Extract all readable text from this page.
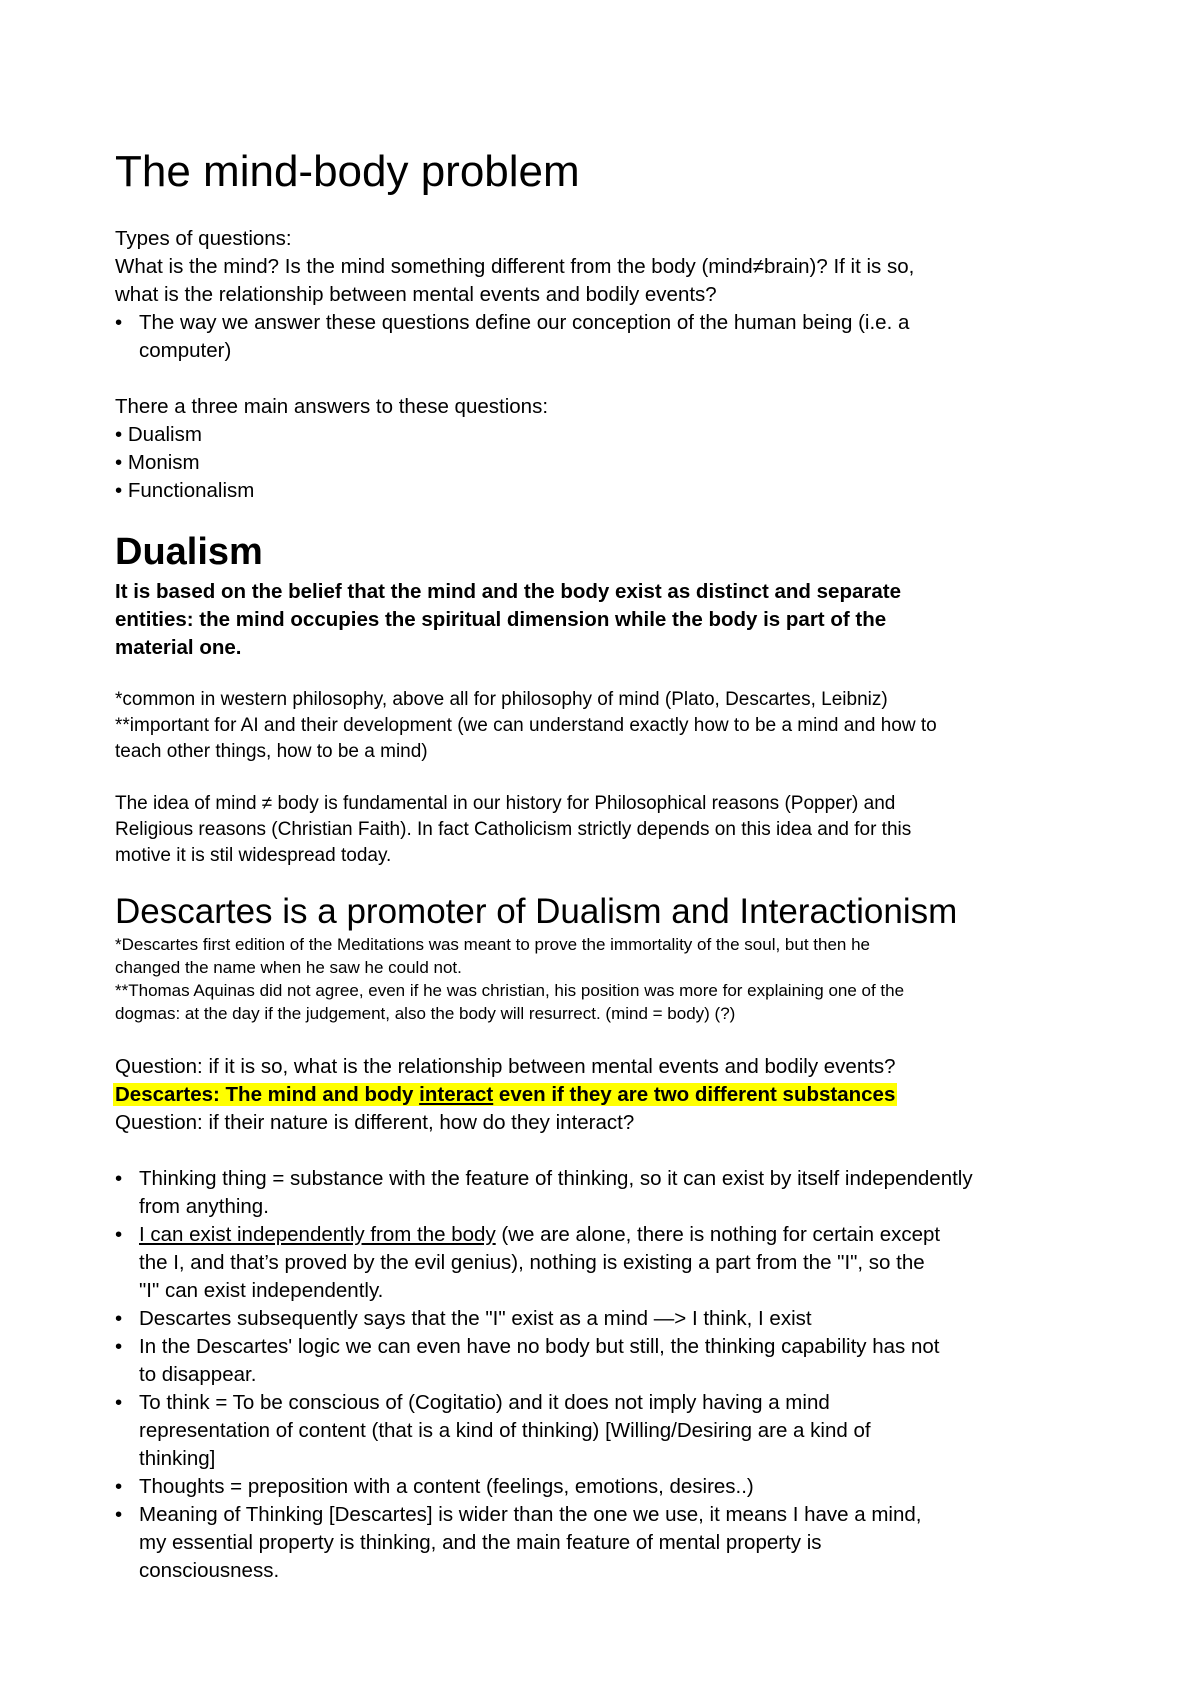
The mind-body problem
Types of questions:
What is the mind? Is the mind something different from the body (mind≠brain)? If it is so,
what is the relationship between mental events and bodily events?
• The way we answer these questions define our conception of the human being (i.e. a
computer)
There a three main answers to these questions:
• Dualism
• Monism
• Functionalism
Dualism
It is based on the belief that the mind and the body exist as distinct and separate
entities: the mind occupies the spiritual dimension while the body is part of the
material one.
*common in western philosophy, above all for philosophy of mind (Plato, Descartes, Leibniz)
**important for AI and their development (we can understand exactly how to be a mind and how to
teach other things, how to be a mind)
The idea of mind ≠ body is fundamental in our history for Philosophical reasons (Popper) and
Religious reasons (Christian Faith). In fact Catholicism strictly depends on this idea and for this
motive it is stil widespread today.
Descartes is a promoter of Dualism and Interactionism
*Descartes first edition of the Meditations was meant to prove the immortality of the soul, but then he
changed the name when he saw he could not.
**Thomas Aquinas did not agree, even if he was christian, his position was more for explaining one of the
dogmas: at the day if the judgement, also the body will resurrect. (mind = body) (?)
Question: if it is so, what is the relationship between mental events and bodily events?
Descartes: The mind and body interact even if they are two different substances
Question: if their nature is different, how do they interact?
• Thinking thing = substance with the feature of thinking, so it can exist by itself independently
from anything.
• I can exist independently from the body (we are alone, there is nothing for certain except
the I, and that’s proved by the evil genius), nothing is existing a part from the "I", so the
"I" can exist independently.
• Descartes subsequently says that the "I" exist as a mind —> I think, I exist
• In the Descartes' logic we can even have no body but still, the thinking capability has not
to disappear.
• To think = To be conscious of (Cogitatio) and it does not imply having a mind
representation of content (that is a kind of thinking) [Willing/Desiring are a kind of
thinking]
• Thoughts = preposition with a content (feelings, emotions, desires..)
• Meaning of Thinking [Descartes] is wider than the one we use, it means I have a mind,
my essential property is thinking, and the main feature of mental property is
consciousness.
